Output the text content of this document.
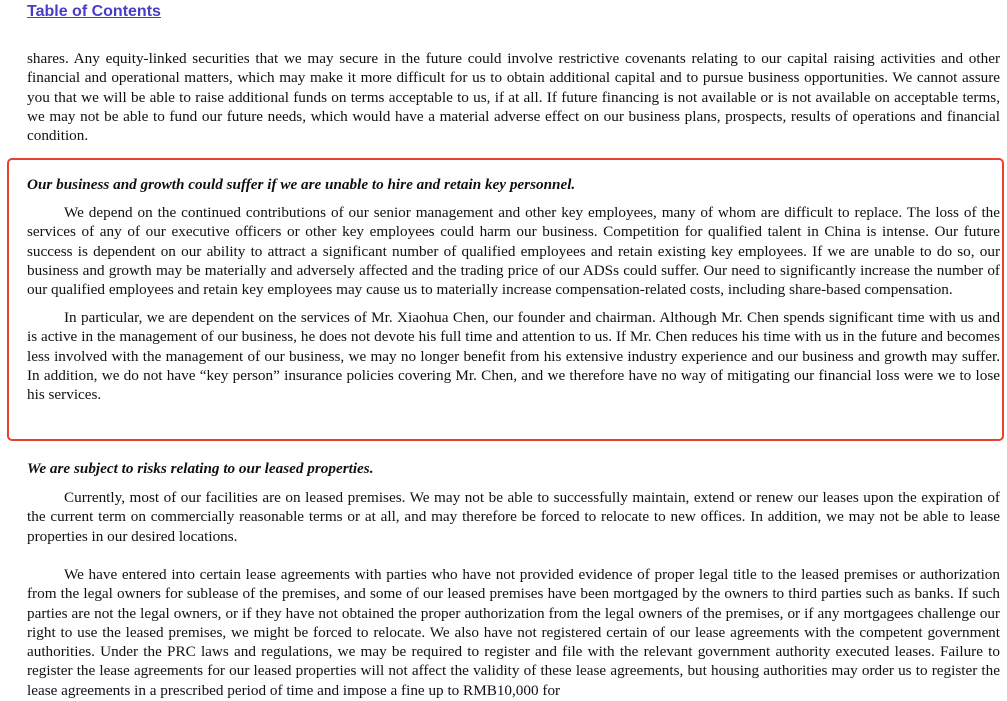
Table of Contents

shares. Any equity-linked securities that we may secure in the future could involve restrictive covenants relating to our capital raising activities and other financial and operational matters, which may make it more difficult for us to obtain additional capital and to pursue business opportunities. We cannot assure you that we will be able to raise additional funds on terms acceptable to us, if at all. If future financing is not available or is not available on acceptable terms, we may not be able to fund our future needs, which would have a material adverse effect on our business plans, prospects, results of operations and financial condition.

Our business and growth could suffer if we are unable to hire and retain key personnel.

We depend on the continued contributions of our senior management and other key employees, many of whom are difficult to replace. The loss of the services of any of our executive officers or other key employees could harm our business. Competition for qualified talent in China is intense. Our future success is dependent on our ability to attract a significant number of qualified employees and retain existing key employees. If we are unable to do so, our business and growth may be materially and adversely affected and the trading price of our ADSs could suffer. Our need to significantly increase the number of our qualified employees and retain key employees may cause us to materially increase compensation-related costs, including share-based compensation.

In particular, we are dependent on the services of Mr. Xiaohua Chen, our founder and chairman. Although Mr. Chen spends significant time with us and is active in the management of our business, he does not devote his full time and attention to us. If Mr. Chen reduces his time with us in the future and becomes less involved with the management of our business, we may no longer benefit from his extensive industry experience and our business and growth may suffer. In addition, we do not have “key person” insurance policies covering Mr. Chen, and we therefore have no way of mitigating our financial loss were we to lose his services.

We are subject to risks relating to our leased properties.

Currently, most of our facilities are on leased premises. We may not be able to successfully maintain, extend or renew our leases upon the expiration of the current term on commercially reasonable terms or at all, and may therefore be forced to relocate to new offices. In addition, we may not be able to lease properties in our desired locations.

We have entered into certain lease agreements with parties who have not provided evidence of proper legal title to the leased premises or authorization from the legal owners for sublease of the premises, and some of our leased premises have been mortgaged by the owners to third parties such as banks. If such parties are not the legal owners, or if they have not obtained the proper authorization from the legal owners of the premises, or if any mortgagees challenge our right to use the leased premises, we might be forced to relocate. We also have not registered certain of our lease agreements with the competent government authorities. Under the PRC laws and regulations, we may be required to register and file with the relevant government authority executed leases. Failure to register the lease agreements for our leased properties will not affect the validity of these lease agreements, but housing authorities may order us to register the lease agreements in a prescribed period of time and impose a fine up to RMB10,000 for
